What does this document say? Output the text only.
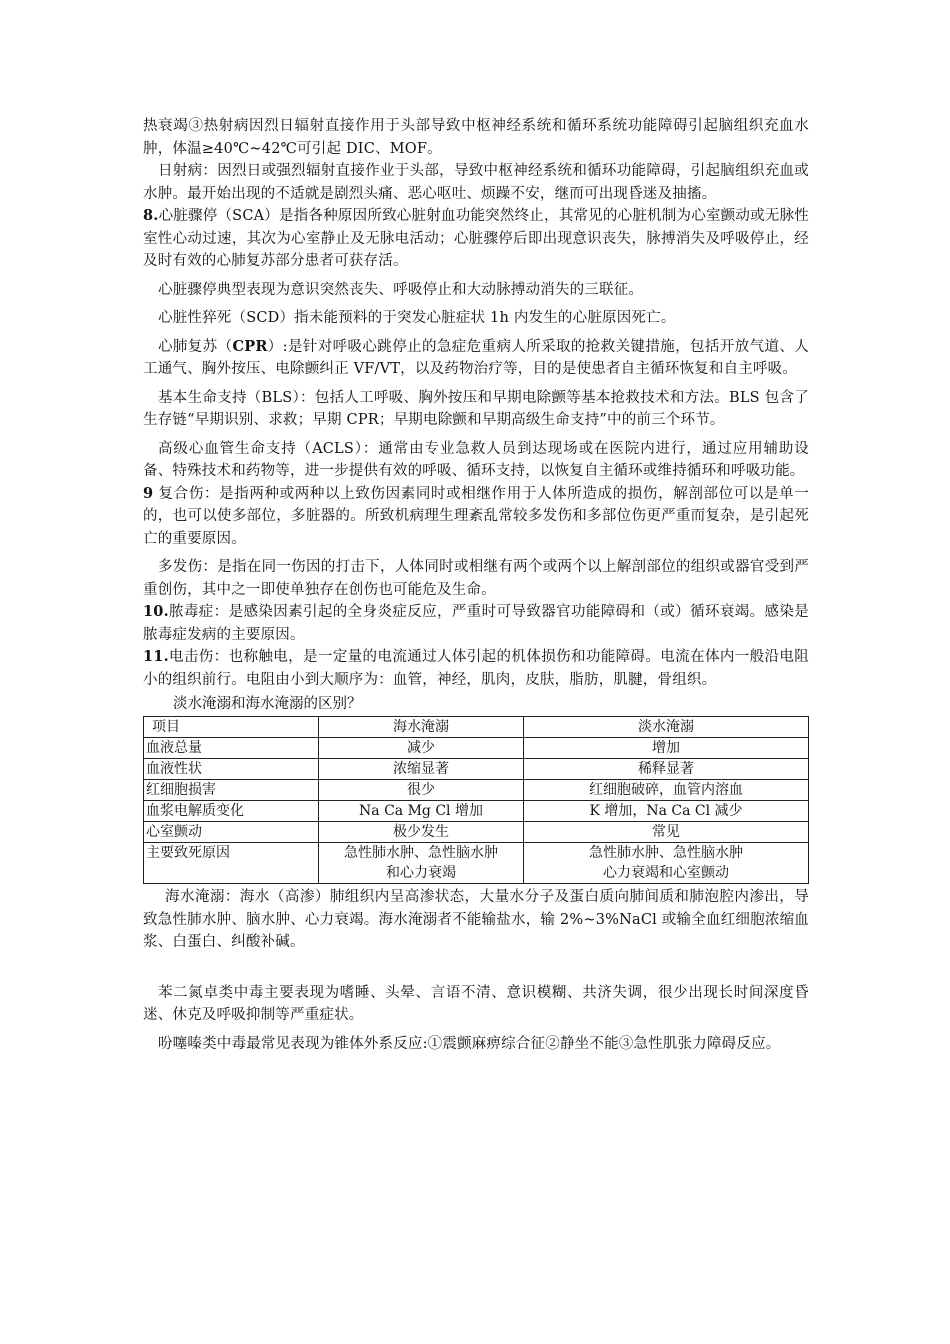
热衰竭③热射病因烈日辐射直接作用于头部导致中枢神经系统和循环系统功能障碍引起脑组织充血水肿，体温≥40℃~42℃可引起 DIC、MOF。

日射病：因烈日或强烈辐射直接作业于头部，导致中枢神经系统和循环功能障碍，引起脑组织充血或水肿。最开始出现的不适就是剧烈头痛、恶心呕吐、烦躁不安，继而可出现昏迷及抽搐。

8.心脏骤停（SCA）是指各种原因所致心脏射血功能突然终止，其常见的心脏机制为心室颤动或无脉性室性心动过速，其次为心室静止及无脉电活动；心脏骤停后即出现意识丧失，脉搏消失及呼吸停止，经及时有效的心肺复苏部分患者可获存活。

心脏骤停典型表现为意识突然丧失、呼吸停止和大动脉搏动消失的三联征。

心脏性猝死（SCD）指未能预料的于突发心脏症状 1h 内发生的心脏原因死亡。

心肺复苏（CPR）:是针对呼吸心跳停止的急症危重病人所采取的抢救关键措施，包括开放气道、人工通气、胸外按压、电除颤纠正 VF/VT，以及药物治疗等，目的是使患者自主循环恢复和自主呼吸。

基本生命支持（BLS）：包括人工呼吸、胸外按压和早期电除颤等基本抢救技术和方法。BLS 包含了生存链“早期识别、求救；早期 CPR；早期电除颤和早期高级生命支持”中的前三个环节。

高级心血管生命支持（ACLS）：通常由专业急救人员到达现场或在医院内进行，通过应用辅助设备、特殊技术和药物等，进一步提供有效的呼吸、循环支持，以恢复自主循环或维持循环和呼吸功能。

9 复合伤：是指两种或两种以上致伤因素同时或相继作用于人体所造成的损伤，解剖部位可以是单一的，也可以使多部位，多脏器的。所致机病理生理紊乱常较多发伤和多部位伤更严重而复杂，是引起死亡的重要原因。

多发伤：是指在同一伤因的打击下，人体同时或相继有两个或两个以上解剖部位的组织或器官受到严重创伤，其中之一即使单独存在创伤也可能危及生命。

10.脓毒症：是感染因素引起的全身炎症反应，严重时可导致器官功能障碍和（或）循环衰竭。感染是脓毒症发病的主要原因。

11.电击伤：也称触电，是一定量的电流通过人体引起的机体损伤和功能障碍。电流在体内一般沿电阻小的组织前行。电阻由小到大顺序为：血管，神经，肌肉，皮肤，脂肪，肌腱，骨组织。

淡水淹溺和海水淹溺的区别？

项目	海水淹溺	淡水淹溺
血液总量	减少	增加
血液性状	浓缩显著	稀释显著
红细胞损害	很少	红细胞破碎，血管内溶血
血浆电解质变化	Na Ca Mg Cl 增加	K 增加，Na Ca Cl 减少
心室颤动	极少发生	常见
主要致死原因	急性肺水肿、急性脑水肿	急性肺水肿、急性脑水肿
	和心力衰竭	心力衰竭和心室颤动

海水淹溺：海水（高渗）肺组织内呈高渗状态，大量水分子及蛋白质向肺间质和肺泡腔内渗出，导致急性肺水肿、脑水肿、心力衰竭。海水淹溺者不能输盐水，输 2%~3%NaCl 或输全血红细胞浓缩血浆、白蛋白、纠酸补碱。

苯二氮卓类中毒主要表现为嗜睡、头晕、言语不清、意识模糊、共济失调，很少出现长时间深度昏迷、休克及呼吸抑制等严重症状。

吩噻嗪类中毒最常见表现为锥体外系反应:①震颤麻痹综合征②静坐不能③急性肌张力障碍反应。
